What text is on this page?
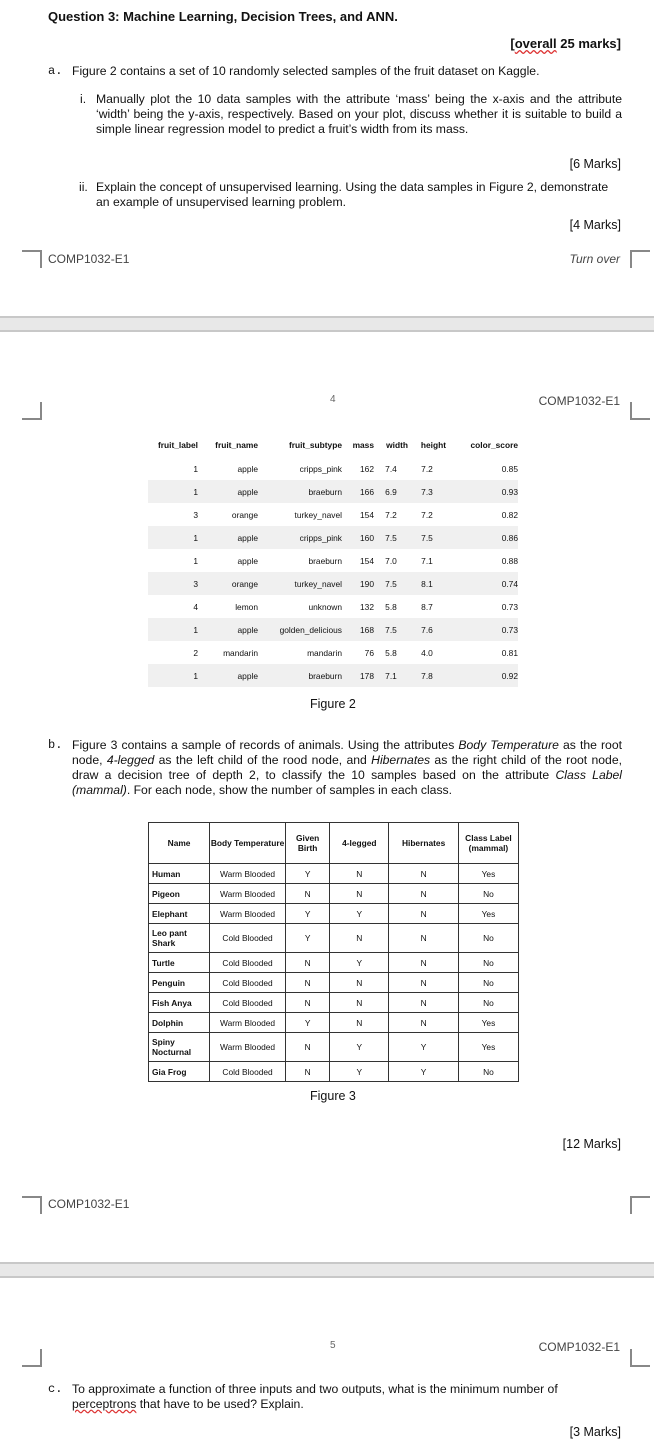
Question 3: Machine Learning, Decision Trees, and ANN.
[overall 25 marks]
a. Figure 2 contains a set of 10 randomly selected samples of the fruit dataset on Kaggle.
i. Manually plot the 10 data samples with the attribute ‘mass’ being the x-axis and the attribute ‘width’ being the y-axis, respectively. Based on your plot, discuss whether it is suitable to build a simple linear regression model to predict a fruit’s width from its mass.
[6 Marks]
ii. Explain the concept of unsupervised learning. Using the data samples in Figure 2, demonstrate an example of unsupervised learning problem.
[4 Marks]
COMP1032-E1	Turn over
4	COMP1032-E1
fruit_label	fruit_name	fruit_subtype	mass	width	height	color_score
1	apple	cripps_pink	162	7.4	7.2	0.85
1	apple	braeburn	166	6.9	7.3	0.93
3	orange	turkey_navel	154	7.2	7.2	0.82
1	apple	cripps_pink	160	7.5	7.5	0.86
1	apple	braeburn	154	7.0	7.1	0.88
3	orange	turkey_navel	190	7.5	8.1	0.74
4	lemon	unknown	132	5.8	8.7	0.73
1	apple	golden_delicious	168	7.5	7.6	0.73
2	mandarin	mandarin	76	5.8	4.0	0.81
1	apple	braeburn	178	7.1	7.8	0.92
Figure 2
b. Figure 3 contains a sample of records of animals. Using the attributes Body Temperature as the root node, 4-legged as the left child of the rood node, and Hibernates as the right child of the root node, draw a decision tree of depth 2, to classify the 10 samples based on the attribute Class Label (mammal). For each node, show the number of samples in each class.
Name	Body Temperature	Given Birth	4-legged	Hibernates	Class Label (mammal)
Human	Warm Blooded	Y	N	N	Yes
Pigeon	Warm Blooded	N	N	N	No
Elephant	Warm Blooded	Y	Y	N	Yes
Leo pant Shark	Cold Blooded	Y	N	N	No
Turtle	Cold Blooded	N	Y	N	No
Penguin	Cold Blooded	N	N	N	No
Fish Anya	Cold Blooded	N	N	N	No
Dolphin	Warm Blooded	Y	N	N	Yes
Spiny Nocturnal	Warm Blooded	N	Y	Y	Yes
Gia Frog	Cold Blooded	N	Y	Y	No
Figure 3
[12 Marks]
COMP1032-E1
5	COMP1032-E1
c. To approximate a function of three inputs and two outputs, what is the minimum number of perceptrons that have to be used? Explain.
[3 Marks]
